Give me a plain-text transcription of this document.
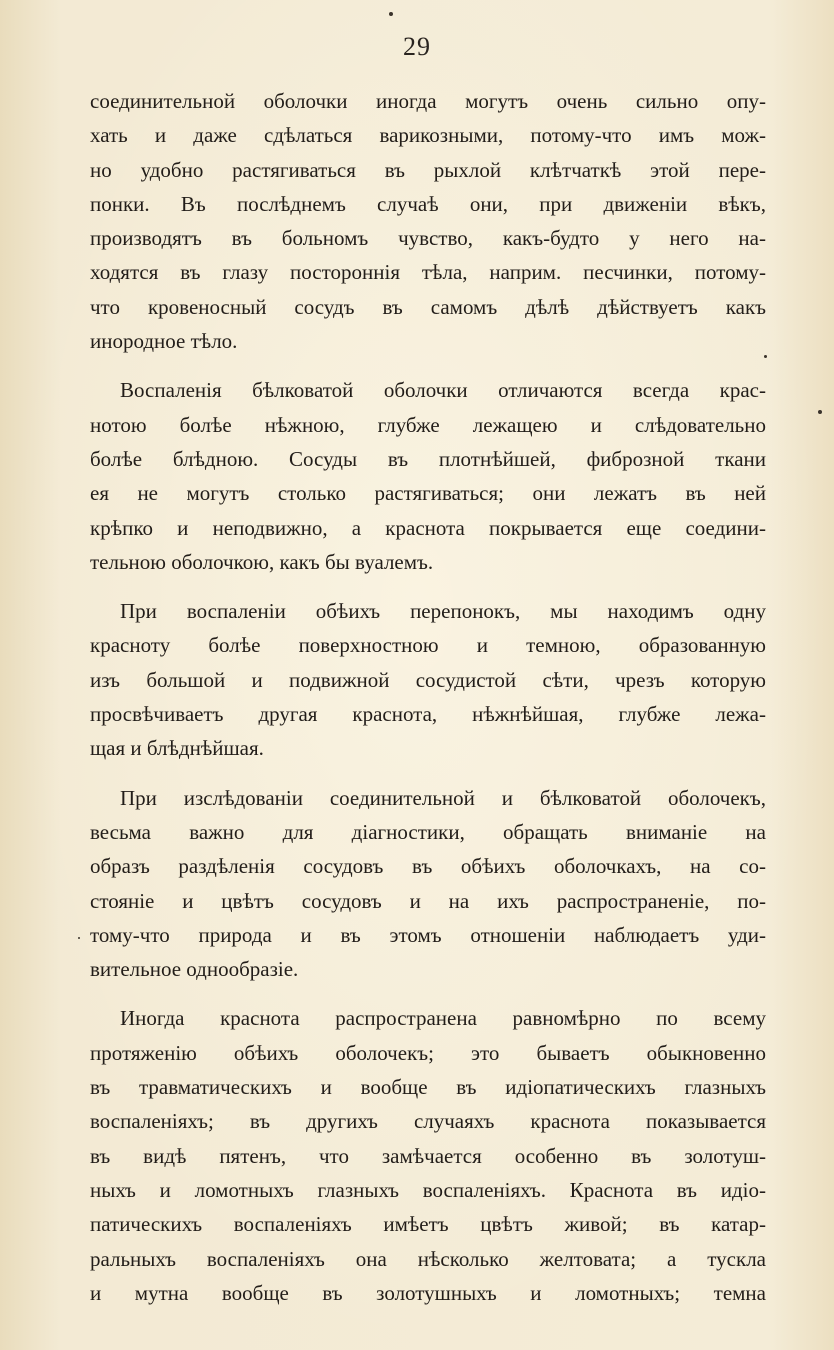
29
соединительной оболочки иногда могутъ очень сильно опу-
хать и даже сдѣлаться варикозными, потому-что имъ мож-
но удобно растягиваться въ рыхлой клѣтчаткѣ этой пере-
понки. Въ послѣднемъ случаѣ они, при движеніи вѣкъ,
производятъ въ больномъ чувство, какъ-будто у него на-
ходятся въ глазу постороннія тѣла, наприм. песчинки, потому-
что кровеносный сосудъ въ самомъ дѣлѣ дѣйствуетъ какъ
инородное тѣло.
Воспаленія бѣлковатой оболочки отличаются всегда крас-
нотою болѣе нѣжною, глубже лежащею и слѣдовательно
болѣе блѣдною. Сосуды въ плотнѣйшей, фиброзной ткани
ея не могутъ столько растягиваться; они лежатъ въ ней
крѣпко и неподвижно, а краснота покрывается еще соедини-
тельною оболочкою, какъ бы вуалемъ.
При воспаленіи обѣихъ перепонокъ, мы находимъ одну
красноту болѣе поверхностною и темною, образованную
изъ большой и подвижной сосудистой сѣти, чрезъ которую
просвѣчиваетъ другая краснота, нѣжнѣйшая, глубже лежа-
щая и блѣднѣйшая.
При изслѣдованіи соединительной и бѣлковатой оболочекъ,
весьма важно для діагностики, обращать вниманіе на
образъ раздѣленія сосудовъ въ обѣихъ оболочкахъ, на со-
стояніе и цвѣтъ сосудовъ и на ихъ распространеніе, по-
тому-что природа и въ этомъ отношеніи наблюдаетъ уди-
вительное однообразіе.
Иногда краснота распространена равномѣрно по всему
протяженію обѣихъ оболочекъ; это бываетъ обыкновенно
въ травматическихъ и вообще въ идіопатическихъ глазныхъ
воспаленіяхъ; въ другихъ случаяхъ краснота показывается
въ видѣ пятенъ, что замѣчается особенно въ золотуш-
ныхъ и ломотныхъ глазныхъ воспаленіяхъ. Краснота въ идіо-
патическихъ воспаленіяхъ имѣетъ цвѣтъ живой; въ катар-
ральныхъ воспаленіяхъ она нѣсколько желтовата; а тускла
и мутна вообще въ золотушныхъ и ломотныхъ; темна
